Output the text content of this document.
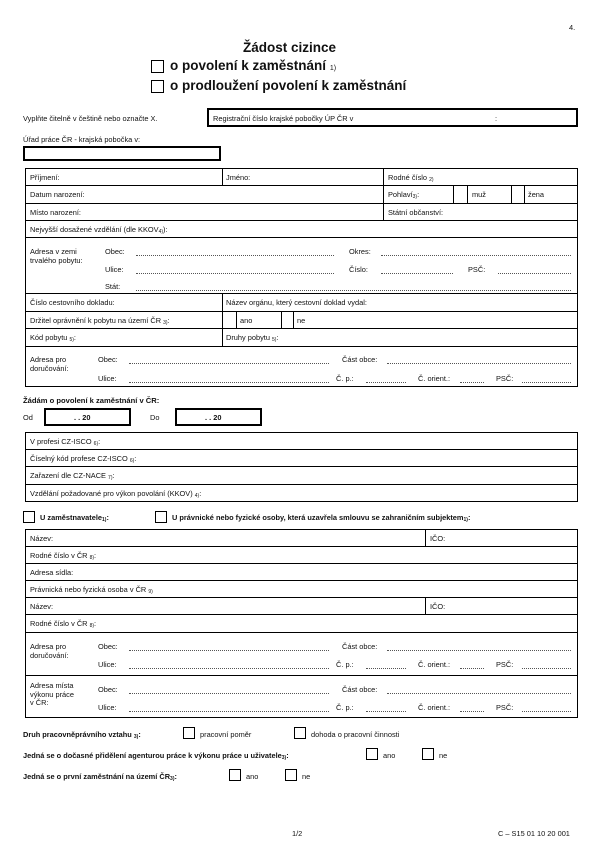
4.
Žádost cizince
o povolení k zaměstnání 1)
o prodloužení povolení k zaměstnání
Vyplňte čitelně v češtině nebo označte X.	Registrační číslo krajské pobočky ÚP ČR v	:
Úřad práce ČR - krajská pobočka v:
Příjmení:	Jméno:	Rodné číslo $_{2)}$
Datum narození:	Pohlaví$_{3)}$:	muž	žena
Místo narození:	Státní občanství:
Nejvyšší dosažené vzdělání (dle $KKOV_{4)}$):
Adresa v zemi
trvalého pobytu:
Obec:	Okres:
Ulice:	Číslo:	PSČ:
Stát:
Číslo cestovního dokladu:	Název orgánu, který cestovní doklad vydal:
Držitel oprávnění k pobytu na území ČR $_{3)}$:	ano	ne
Kód pobytu $_{5)}$:	Druhy pobytu $_{5)}$:
Adresa pro
doručování:
Obec:	Část obce:
Ulice:	Č. p.:	Č. orient.:	PSČ:
Žádám o povolení k zaměstnání v ČR:
Od	. . 20	Do	. . 20
V profesi CZ-ISCO $_{6)}$:
Číselný kód profese CZ-ISCO $_{6)}$:
Zařazení dle CZ-NACE $_{7)}$:
Vzdělání požadované pro výkon povolání (KKOV) $_{4)}$:
U zaměstnavatele$_{1)}$:	U právnické nebo fyzické osoby, která uzavřela smlouvu se zahraničním subjektem$_{1)}$:
Název:	IČO:
Rodné číslo v ČR $_{8)}$:
Adresa sídla:
Právnická nebo fyzická osoba v ČR $_{9)}$
Název:	IČO:
Rodné číslo v ČR $_{8)}$:
Adresa pro
doručování:
Obec:	Část obce:
Ulice:	Č. p.:	Č. orient.:	PSČ:
Adresa místa
výkonu práce
v ČR:
Obec:	Část obce:
Ulice:	Č. p.:	Č. orient.:	PSČ:
Druh pracovněprávního vztahu $_{3)}$:	pracovní poměr	dohoda o pracovní činnosti
Jedná se o dočasné přidělení agenturou práce k výkonu práce u uživatele$_{3)}$:	ano	ne
Jedná se o první zaměstnání na území $ČR_{3)}$:	ano	ne
1/2	C – S15 01 10 20 001
